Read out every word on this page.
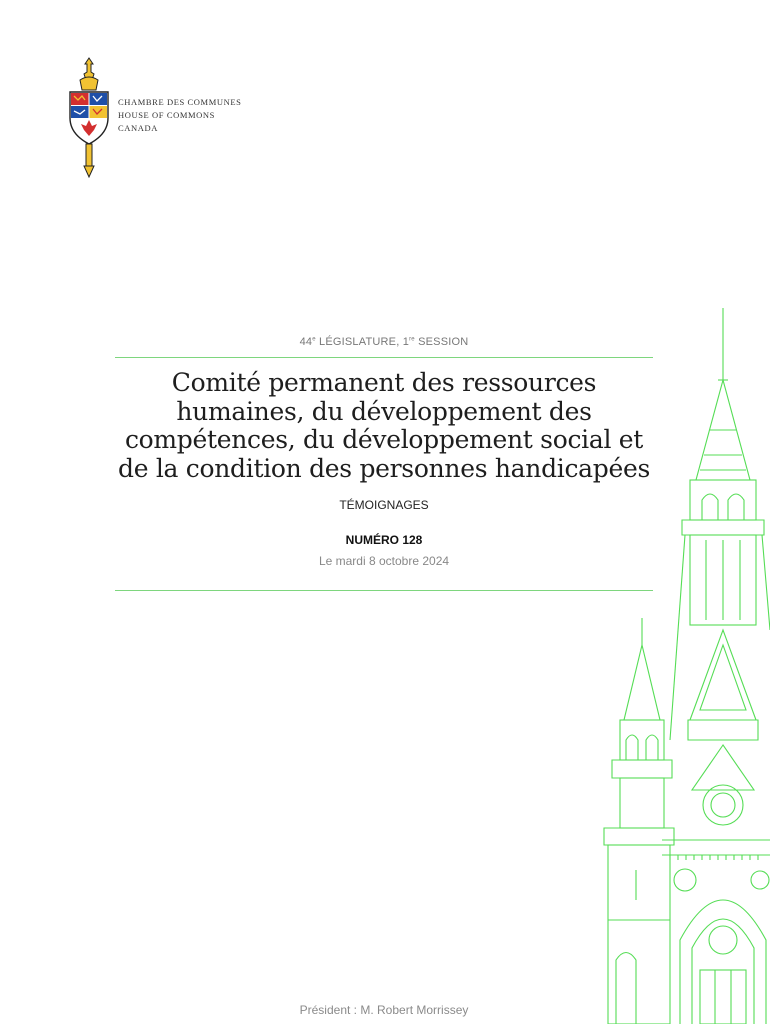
CHAMBRE DES COMMUNES
HOUSE OF COMMONS
CANADA
44e LÉGISLATURE, 1re SESSION
Comité permanent des ressources
humaines, du développement des
compétences, du développement social et
de la condition des personnes handicapées
TÉMOIGNAGES
NUMÉRO 128
Le mardi 8 octobre 2024
Président : M. Robert Morrissey
